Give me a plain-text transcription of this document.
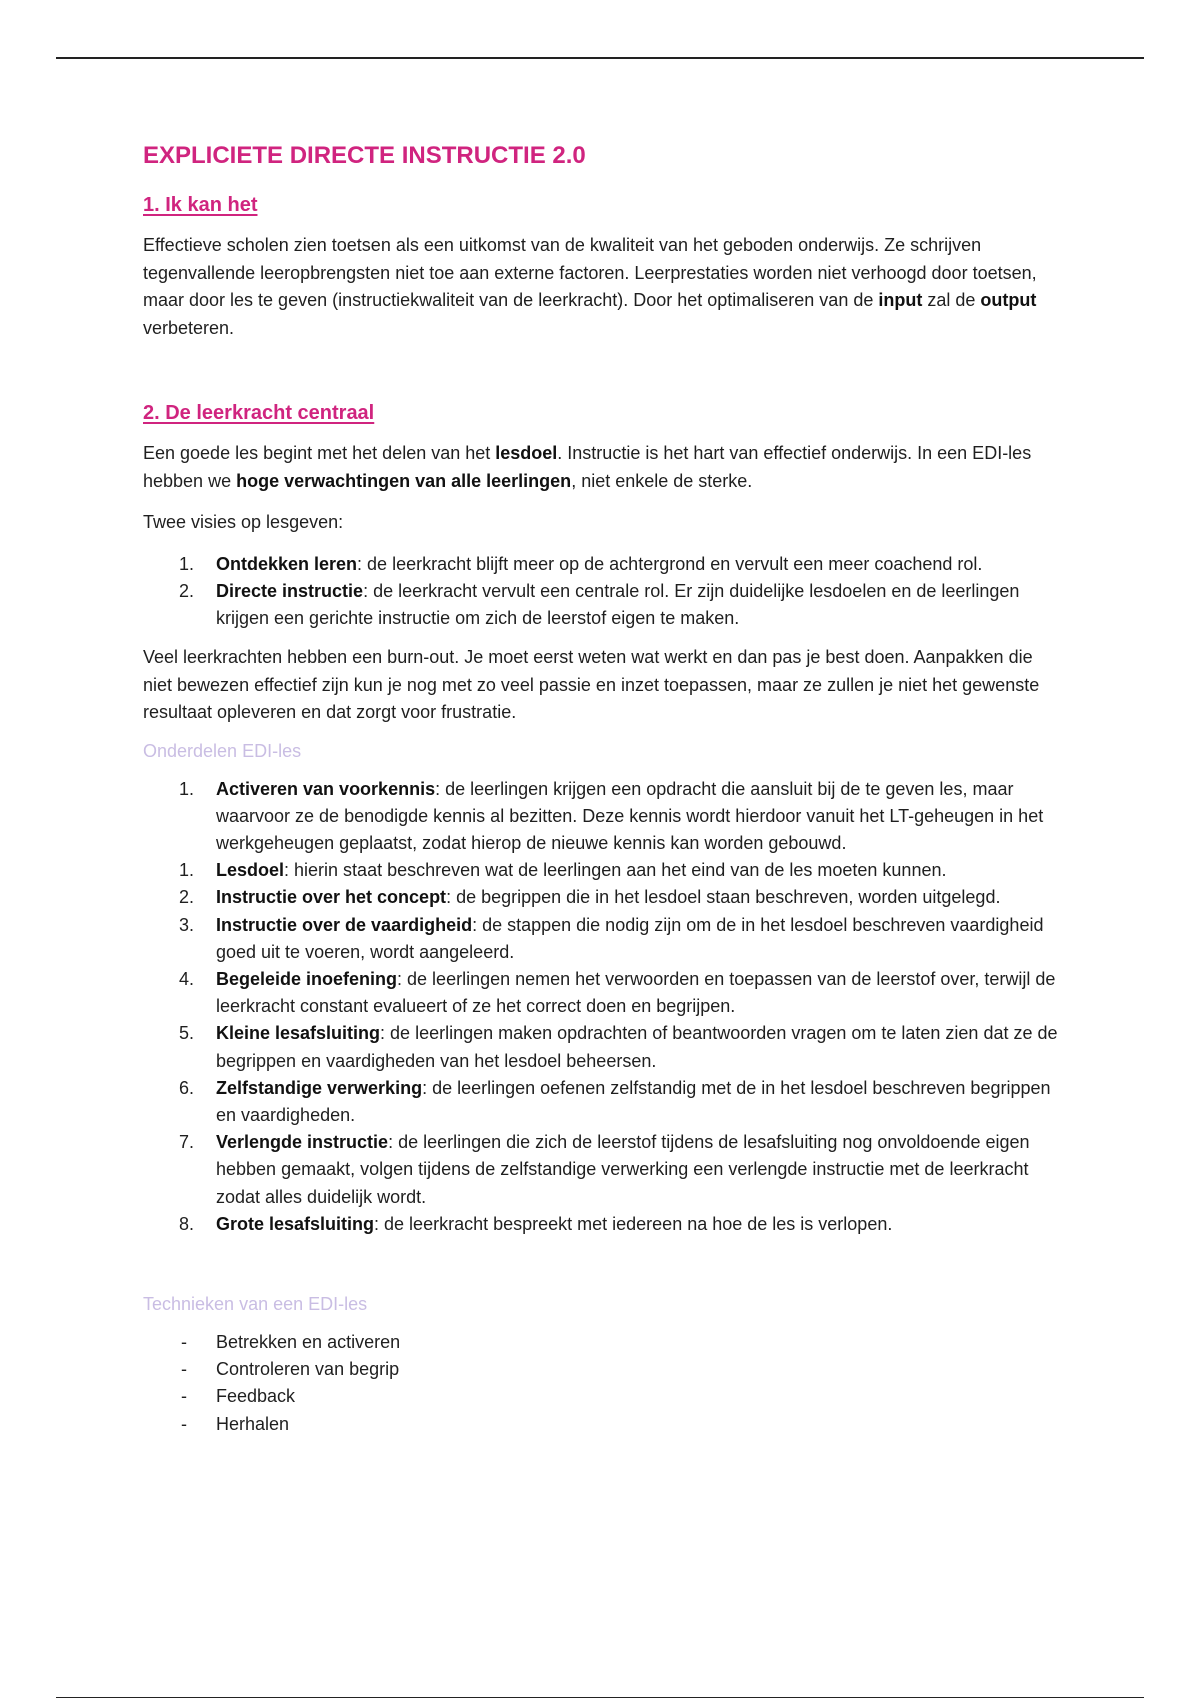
EXPLICIETE DIRECTE INSTRUCTIE 2.0
1. Ik kan het

Effectieve scholen zien toetsen als een uitkomst van de kwaliteit van het geboden onderwijs. Ze schrijven tegenvallende leeropbrengsten niet toe aan externe factoren. Leerprestaties worden niet verhoogd door toetsen, maar door les te geven (instructiekwaliteit van de leerkracht). Door het optimaliseren van de input zal de output verbeteren.

2. De leerkracht centraal

Een goede les begint met het delen van het lesdoel. Instructie is het hart van effectief onderwijs. In een EDI-les hebben we hoge verwachtingen van alle leerlingen, niet enkele de sterke.

Twee visies op lesgeven:

1.	Ontdekken leren: de leerkracht blijft meer op de achtergrond en vervult een meer coachend rol.
2.	Directe instructie: de leerkracht vervult een centrale rol. Er zijn duidelijke lesdoelen en de leerlingen krijgen een gerichte instructie om zich de leerstof eigen te maken.

Veel leerkrachten hebben een burn-out. Je moet eerst weten wat werkt en dan pas je best doen. Aanpakken die niet bewezen effectief zijn kun je nog met zo veel passie en inzet toepassen, maar ze zullen je niet het gewenste resultaat opleveren en dat zorgt voor frustratie.

Onderdelen EDI-les
1.	Activeren van voorkennis: de leerlingen krijgen een opdracht die aansluit bij de te geven les, maar waarvoor ze de benodigde kennis al bezitten. Deze kennis wordt hierdoor vanuit het LT-geheugen in het werkgeheugen geplaatst, zodat hierop de nieuwe kennis kan worden gebouwd.
1.	Lesdoel: hierin staat beschreven wat de leerlingen aan het eind van de les moeten kunnen.
2.	Instructie over het concept: de begrippen die in het lesdoel staan beschreven, worden uitgelegd.
3.	Instructie over de vaardigheid: de stappen die nodig zijn om de in het lesdoel beschreven vaardigheid goed uit te voeren, wordt aangeleerd.
4.	Begeleide inoefening: de leerlingen nemen het verwoorden en toepassen van de leerstof over, terwijl de leerkracht constant evalueert of ze het correct doen en begrijpen.
5.	Kleine lesafsluiting: de leerlingen maken opdrachten of beantwoorden vragen om te laten zien dat ze de begrippen en vaardigheden van het lesdoel beheersen.
6.	Zelfstandige verwerking: de leerlingen oefenen zelfstandig met de in het lesdoel beschreven begrippen en vaardigheden.
7.	Verlengde instructie: de leerlingen die zich de leerstof tijdens de lesafsluiting nog onvoldoende eigen hebben gemaakt, volgen tijdens de zelfstandige verwerking een verlengde instructie met de leerkracht zodat alles duidelijk wordt.
8.	Grote lesafsluiting: de leerkracht bespreekt met iedereen na hoe de les is verlopen.
Technieken van een EDI-les
- Betrekken en activeren
- Controleren van begrip
- Feedback
- Herhalen
